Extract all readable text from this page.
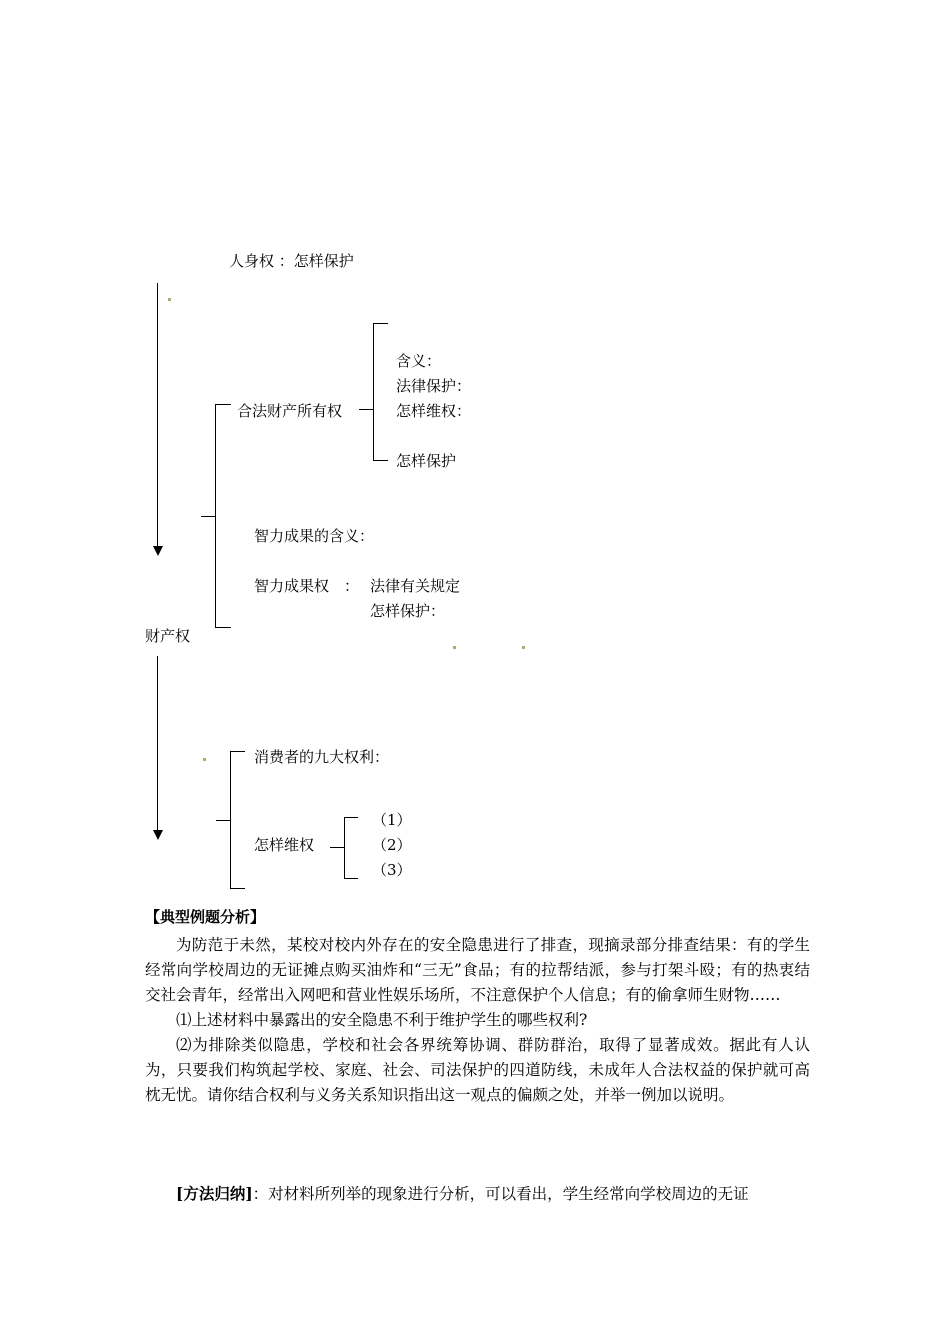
人身权 ：怎样保护
财产权
合法财产所有权
含义：
法律保护：
怎样维权：
怎样保护
智力成果的含义：
智力成果权　： 法律有关规定
怎样保护：
消费者的九大权利：
怎样维权
（1）
（2）
（3）
【典型例题分析】

为防范于未然，某校对校内外存在的安全隐患进行了排查，现摘录部分排查结果：有的学生经常向学校周边的无证摊点购买油炸和“三无”食品；有的拉帮结派，参与打架斗殴；有的热衷结交社会青年，经常出入网吧和营业性娱乐场所，不注意保护个人信息；有的偷拿师生财物……

⑴上述材料中暴露出的安全隐患不利于维护学生的哪些权利?

⑵为排除类似隐患，学校和社会各界统筹协调、群防群治，取得了显著成效。据此有人认为，只要我们构筑起学校、家庭、社会、司法保护的四道防线，未成年人合法权益的保护就可高枕无忧。请你结合权利与义务关系知识指出这一观点的偏颇之处，并举一例加以说明。

[方法归纳]：对材料所列举的现象进行分析，可以看出，学生经常向学校周边的无证
